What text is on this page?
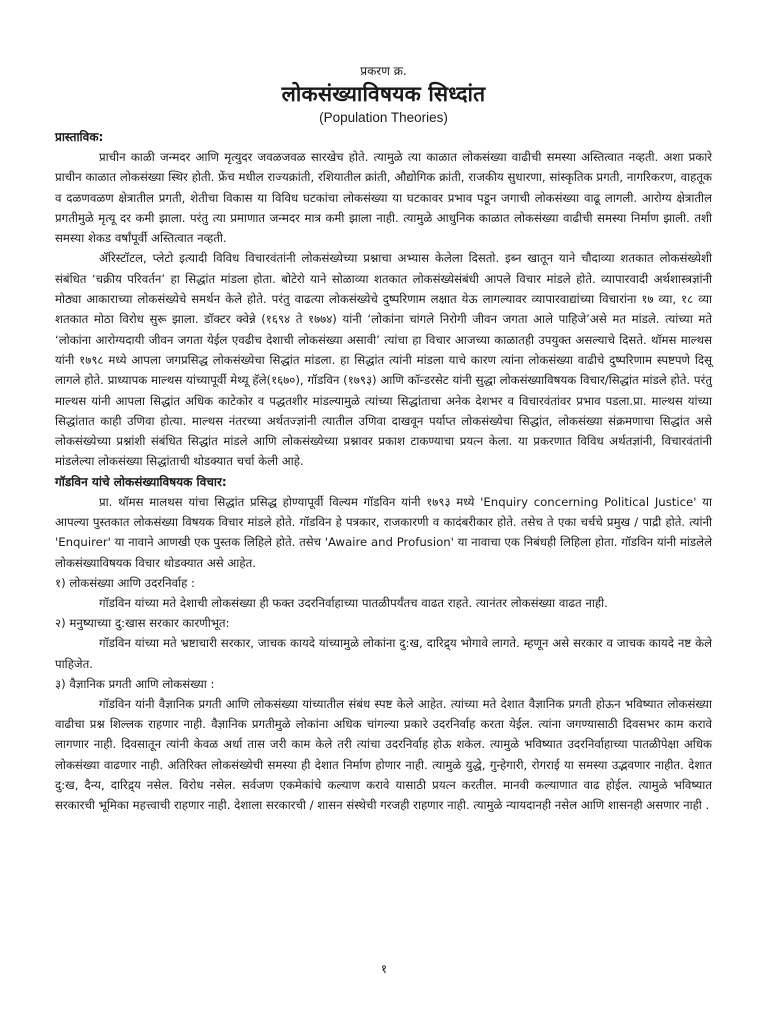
प्रकरण क्र.

लोकसंख्याविषयक सिध्दांत

(Population Theories)

प्रास्ताविक:

प्राचीन काळी जन्मदर आणि मृत्युदर जवळजवळ सारखेच होते. त्यामुळे त्या काळात लोकसंख्या वाढीची समस्या अस्तित्वात नव्हती. अशा प्रकारे प्राचीन काळात लोकसंख्या स्थिर होती. फ्रेंच मधील राज्यक्रांती, रशियातील क्रांती, औद्योगिक क्रांती, राजकीय सुधारणा, सांस्कृतिक प्रगती, नागरिकरण, वाहतूक व दळणवळण क्षेत्रातील प्रगती, शेतीचा विकास या विविध घटकांचा लोकसंख्या या घटकावर प्रभाव पडून जगाची लोकसंख्या वाढू लागली. आरोग्य क्षेत्रातील प्रगतीमुळे मृत्यू दर कमी झाला. परंतु त्या प्रमाणात जन्मदर मात्र कमी झाला नाही. त्यामुळे आधुनिक काळात लोकसंख्या वाढीची समस्या निर्माण झाली. तशी समस्या शेकड वर्षांपूर्वी अस्तित्वात नव्हती.

ॲरिस्टॉटल, प्लेटो इत्यादी विविध विचारवंतांनी लोकसंख्येच्या प्रश्नाचा अभ्यास केलेला दिसतो. इब्न खातून याने चौदाव्या शतकात लोकसंख्येशी संबंधित ‘चक्रीय परिवर्तन’ हा सिद्धांत मांडला होता. बोटेरो याने सोळाव्या शतकात लोकसंख्येसंबंधी आपले विचार मांडले होते. व्यापारवादी अर्थशास्त्रज्ञांनी मोठ्या आकाराच्या लोकसंख्येचे समर्थन केले होते. परंतु वाढत्या लोकसंख्येचे दुष्परिणाम लक्षात येऊ लागल्यावर व्यापारवाद्यांच्या विचारांना १७ व्या, १८ व्या शतकात मोठा विरोध सुरू झाला. डॉक्टर क्वेन्ने (१६९४ ते १७७४) यांनी ‘लोकांना चांगले निरोगी जीवन जगता आले पाहिजे’असे मत मांडले. त्यांच्या मते ‘लोकांना आरोग्यदायी जीवन जगता येईल एवढीच देशाची लोकसंख्या असावी’ त्यांचा हा विचार आजच्या काळातही उपयुक्त असल्याचे दिसते. थॉमस माल्थस यांनी १७९८ मध्ये आपला जगप्रसिद्ध लोकसंख्येचा सिद्धांत मांडला. हा सिद्धांत त्यांनी मांडला याचे कारण त्यांना लोकसंख्या वाढीचे दुष्परिणाम स्पष्टपणे दिसू लागले होते. प्राध्यापक माल्थस यांच्यापूर्वी मेथ्यू हॅले(१६७०), गॉडविन (१७९३) आणि कॉन्डरसेट यांनी सुद्धा लोकसंख्याविषयक विचार/सिद्धांत मांडले होते. परंतु माल्थस यांनी आपला सिद्धांत अधिक काटेकोर व पद्धतशीर मांडल्यामुळे त्यांच्या सिद्धांताचा अनेक देशभर व विचारवंतांवर प्रभाव पडला.प्रा. माल्थस यांच्या सिद्धांतात काही उणिवा होत्या. माल्थस नंतरच्या अर्थतज्ज्ञांनी त्यातील उणिवा दाखवून पर्याप्त लोकसंख्येचा सिद्धांत, लोकसंख्या संक्रमणाचा सिद्धांत असे लोकसंख्येच्या प्रश्नांशी संबंधित सिद्धांत मांडले आणि लोकसंख्येच्या प्रश्नावर प्रकाश टाकण्याचा प्रयत्न केला. या प्रकरणात विविध अर्थतज्ञांनी, विचारवंतांनी मांडलेल्या लोकसंख्या सिद्धांताची थोडक्यात चर्चा केली आहे.

गॉडविन यांचे लोकसंख्याविषयक विचार:

प्रा. थॉमस मालथस यांचा सिद्धांत प्रसिद्ध होण्यापूर्वी विल्यम गॉडविन यांनी १७९३ मध्ये 'Enquiry concerning Political Justice' या आपल्या पुस्तकात लोकसंख्या विषयक विचार मांडले होते. गॉडविन हे पत्रकार, राजकारणी व कादंबरीकार होते. तसेच ते एका चर्चचे प्रमुख / पाद्री होते. त्यांनी 'Enquirer' या नावाने आणखी एक पुस्तक लिहिले होते. तसेच 'Awaire and Profusion' या नावाचा एक निबंधही लिहिला होता. गॉडविन यांनी मांडलेले लोकसंख्याविषयक विचार थोडक्यात असे आहेत.

१) लोकसंख्या आणि उदरनिर्वाह :

गॉडविन यांच्या मते देशाची लोकसंख्या ही फक्त उदरनिर्वाहाच्या पातळीपर्यंतच वाढत राहते. त्यानंतर लोकसंख्या वाढत नाही.

२) मनुष्याच्या दु:खास सरकार कारणीभूत:

गॉडविन यांच्या मते भ्रष्टाचारी सरकार, जाचक कायदे यांच्यामुळे लोकांना दु:ख, दारिद्र्य भोगावे लागते. म्हणून असे सरकार व जाचक कायदे नष्ट केले पाहिजेत.

३) वैज्ञानिक प्रगती आणि लोकसंख्या :

गॉडविन यांनी वैज्ञानिक प्रगती आणि लोकसंख्या यांच्यातील संबंध स्पष्ट केले आहेत. त्यांच्या मते देशात वैज्ञानिक प्रगती होऊन भविष्यात लोकसंख्या वाढीचा प्रश्न शिल्लक राहणार नाही. वैज्ञानिक प्रगतीमुळे लोकांना अधिक चांगल्या प्रकारे उदरनिर्वाह करता येईल. त्यांना जगण्यासाठी दिवसभर काम करावे लागणार नाही. दिवसातून त्यांनी केवळ अर्धा तास जरी काम केले तरी त्यांचा उदरनिर्वाह होऊ शकेल. त्यामुळे भविष्यात उदरनिर्वाहाच्या पातळीपेक्षा अधिक लोकसंख्या वाढणार नाही. अतिरिक्त लोकसंख्येची समस्या ही देशात निर्माण होणार नाही. त्यामुळे युद्धे, गुन्हेगारी, रोगराई या समस्या उद्भवणार नाहीत. देशात दु:ख, दैन्य, दारिद्र्य नसेल. विरोध नसेल. सर्वजण एकमेकांचे कल्याण करावे यासाठी प्रयत्न करतील. मानवी कल्याणात वाढ होईल. त्यामुळे भविष्यात सरकारची भूमिका महत्त्वाची राहणार नाही. देशाला सरकारची / शासन संस्थेची गरजही राहणार नाही. त्यामुळे न्यायदानही नसेल आणि शासनही असणार नाही .

१
